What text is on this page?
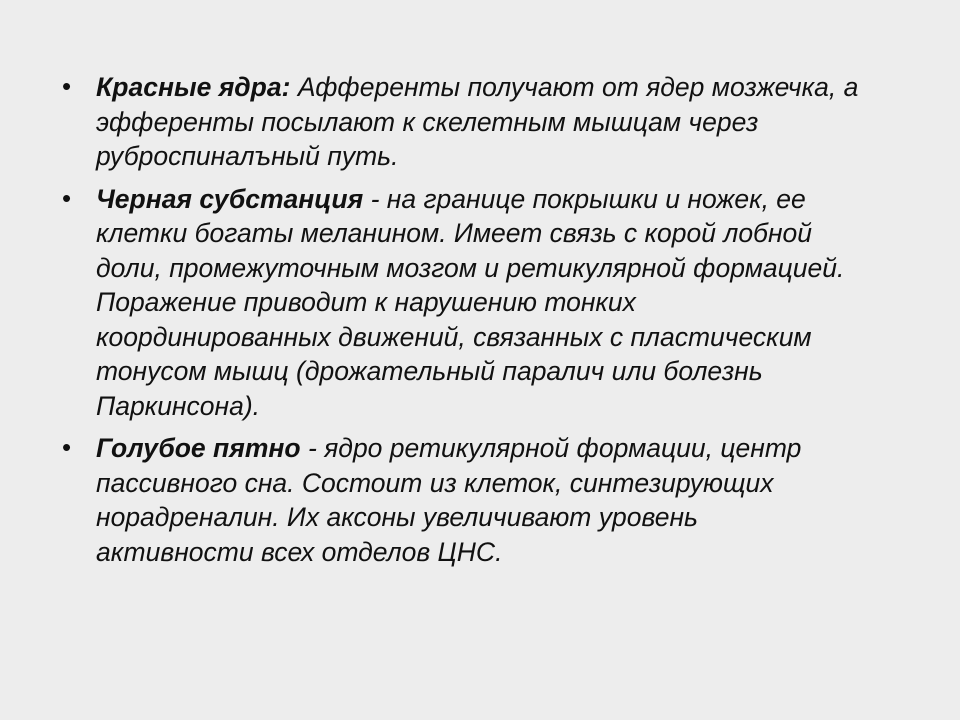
• Красные ядра: Афференты получают от ядер мозжечка, а эфференты посылают к скелетным мышцам через руброспиналъный путь.
• Черная субстанция - на границе покрышки и ножек, ее клетки богаты меланином. Имеет связь с корой лобной доли, промежуточным мозгом и ретикулярной формацией. Поражение приводит к нарушению тонких координированных движений, связанных с пластическим тонусом мышц (дрожательный паралич или болезнь Паркинсона).
• Голубое пятно - ядро ретикулярной формации, центр пассивного сна. Состоит из клеток, синтезирующих норадреналин. Их аксоны увеличивают уровень активности всех отделов ЦНС.
